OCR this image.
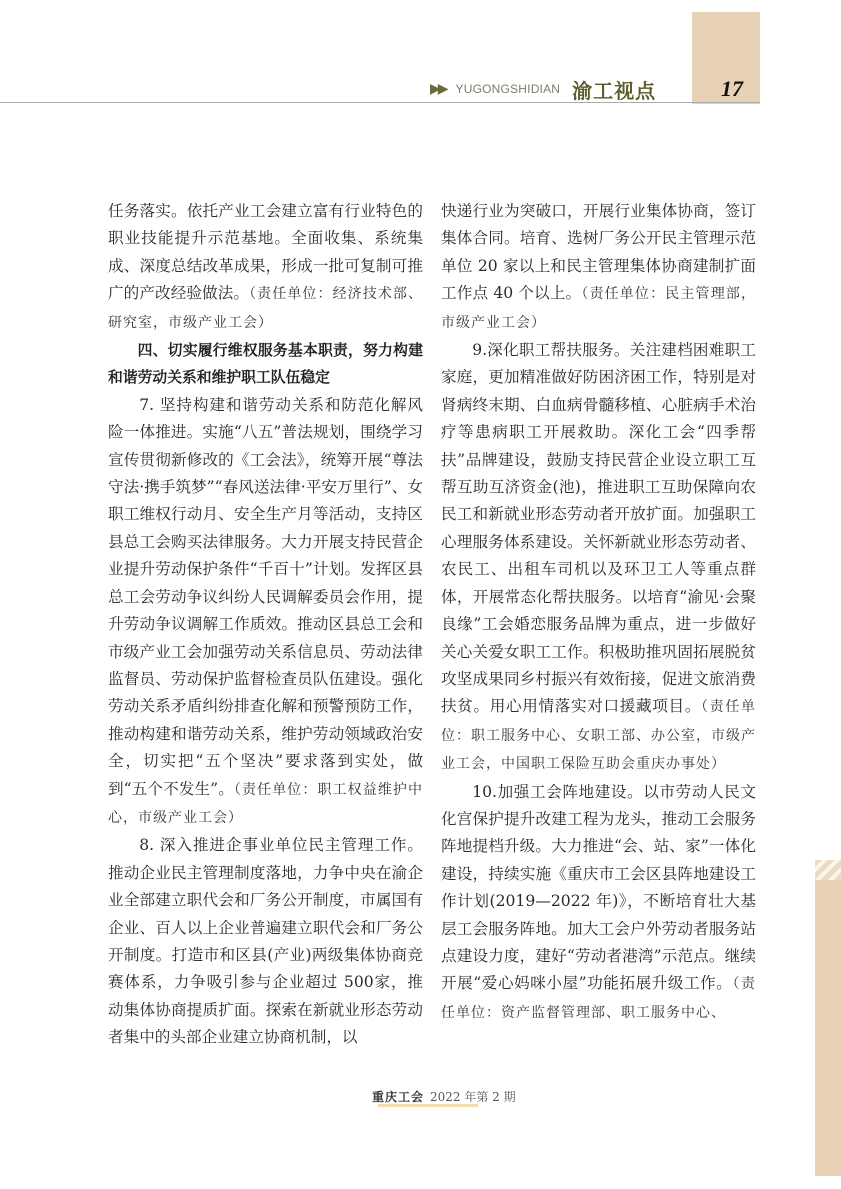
▶▶ YUGONGSHIDIAN 渝工视点	17

任务落实。依托产业工会建立富有行业特色的职业技能提升示范基地。全面收集、系统集成、深度总结改革成果，形成一批可复制可推广的产改经验做法。（责任单位：经济技术部、研究室，市级产业工会）

四、切实履行维权服务基本职责，努力构建和谐劳动关系和维护职工队伍稳定

7. 坚持构建和谐劳动关系和防范化解风险一体推进。实施“八五”普法规划，围绕学习宣传贯彻新修改的《工会法》，统筹开展“尊法守法·携手筑梦”“春风送法律·平安万里行”、女职工维权行动月、安全生产月等活动，支持区县总工会购买法律服务。大力开展支持民营企业提升劳动保护条件“千百十”计划。发挥区县总工会劳动争议纠纷人民调解委员会作用，提升劳动争议调解工作质效。推动区县总工会和市级产业工会加强劳动关系信息员、劳动法律监督员、劳动保护监督检查员队伍建设。强化劳动关系矛盾纠纷排查化解和预警预防工作，推动构建和谐劳动关系，维护劳动领域政治安全，切实把“五个坚决”要求落到实处，做到“五个不发生”。（责任单位：职工权益维护中心，市级产业工会）

8. 深入推进企事业单位民主管理工作。推动企业民主管理制度落地，力争中央在渝企业全部建立职代会和厂务公开制度，市属国有企业、百人以上企业普遍建立职代会和厂务公开制度。打造市和区县(产业)两级集体协商竞赛体系，力争吸引参与企业超过 500家，推动集体协商提质扩面。探索在新就业形态劳动者集中的头部企业建立协商机制，以

快递行业为突破口，开展行业集体协商，签订集体合同。培育、选树厂务公开民主管理示范单位 20 家以上和民主管理集体协商建制扩面工作点 40 个以上。（责任单位：民主管理部，市级产业工会）

9.深化职工帮扶服务。关注建档困难职工家庭，更加精准做好防困济困工作，特别是对肾病终末期、白血病骨髓移植、心脏病手术治疗等患病职工开展救助。深化工会“四季帮扶”品牌建设，鼓励支持民营企业设立职工互帮互助互济资金(池)，推进职工互助保障向农民工和新就业形态劳动者开放扩面。加强职工心理服务体系建设。关怀新就业形态劳动者、农民工、出租车司机以及环卫工人等重点群体，开展常态化帮扶服务。以培育“渝见·会聚良缘”工会婚恋服务品牌为重点，进一步做好关心关爱女职工工作。积极助推巩固拓展脱贫攻坚成果同乡村振兴有效衔接，促进文旅消费扶贫。用心用情落实对口援藏项目。（责任单位：职工服务中心、女职工部、办公室，市级产业工会，中国职工保险互助会重庆办事处）

10.加强工会阵地建设。以市劳动人民文化宫保护提升改建工程为龙头，推动工会服务阵地提档升级。大力推进“会、站、家”一体化建设，持续实施《重庆市工会区县阵地建设工作计划(2019—2022 年)》，不断培育壮大基层工会服务阵地。加大工会户外劳动者服务站点建设力度，建好“劳动者港湾”示范点。继续开展“爱心妈咪小屋”功能拓展升级工作。（责任单位：资产监督管理部、职工服务中心、

重庆工会 2022 年第 2 期
